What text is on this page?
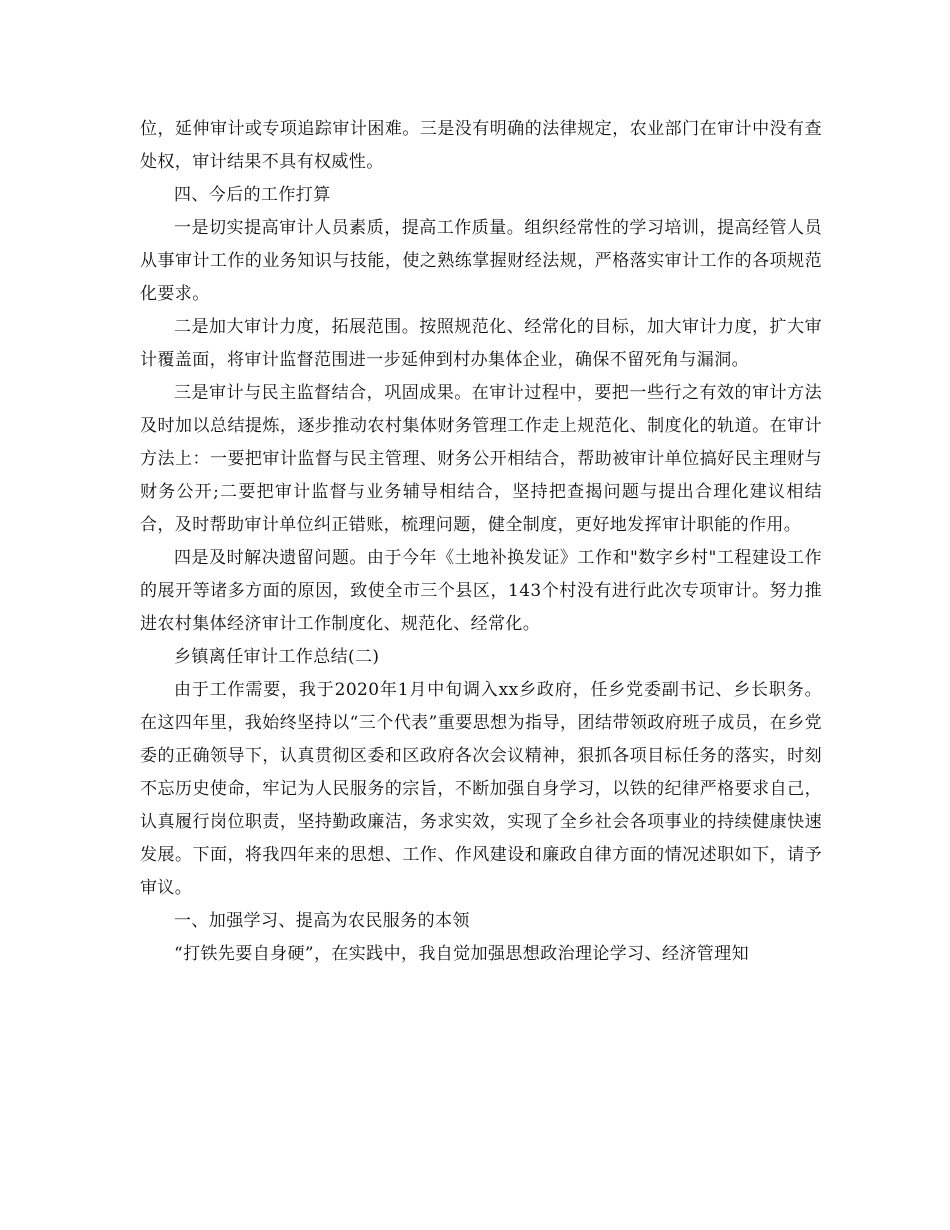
位，延伸审计或专项追踪审计困难。三是没有明确的法律规定，农业部门在审计中没有查处权，审计结果不具有权威性。

四、今后的工作打算

一是切实提高审计人员素质，提高工作质量。组织经常性的学习培训，提高经管人员从事审计工作的业务知识与技能，使之熟练掌握财经法规，严格落实审计工作的各项规范化要求。

二是加大审计力度，拓展范围。按照规范化、经常化的目标，加大审计力度，扩大审计覆盖面，将审计监督范围进一步延伸到村办集体企业，确保不留死角与漏洞。

三是审计与民主监督结合，巩固成果。在审计过程中，要把一些行之有效的审计方法及时加以总结提炼，逐步推动农村集体财务管理工作走上规范化、制度化的轨道。在审计方法上：一要把审计监督与民主管理、财务公开相结合，帮助被审计单位搞好民主理财与财务公开;二要把审计监督与业务辅导相结合，坚持把查揭问题与提出合理化建议相结合，及时帮助审计单位纠正错账，梳理问题，健全制度，更好地发挥审计职能的作用。

四是及时解决遗留问题。由于今年《土地补换发证》工作和"数字乡村"工程建设工作的展开等诸多方面的原因，致使全市三个县区，143个村没有进行此次专项审计。努力推进农村集体经济审计工作制度化、规范化、经常化。

乡镇离任审计工作总结(二)

由于工作需要，我于2020年1月中旬调入xx乡政府，任乡党委副书记、乡长职务。在这四年里，我始终坚持以“三个代表”重要思想为指导，团结带领政府班子成员，在乡党委的正确领导下，认真贯彻区委和区政府各次会议精神，狠抓各项目标任务的落实，时刻不忘历史使命，牢记为人民服务的宗旨，不断加强自身学习，以铁的纪律严格要求自己，认真履行岗位职责，坚持勤政廉洁，务求实效，实现了全乡社会各项事业的持续健康快速发展。下面，将我四年来的思想、工作、作风建设和廉政自律方面的情况述职如下，请予审议。

一、加强学习、提高为农民服务的本领

“打铁先要自身硬”，在实践中，我自觉加强思想政治理论学习、经济管理知
